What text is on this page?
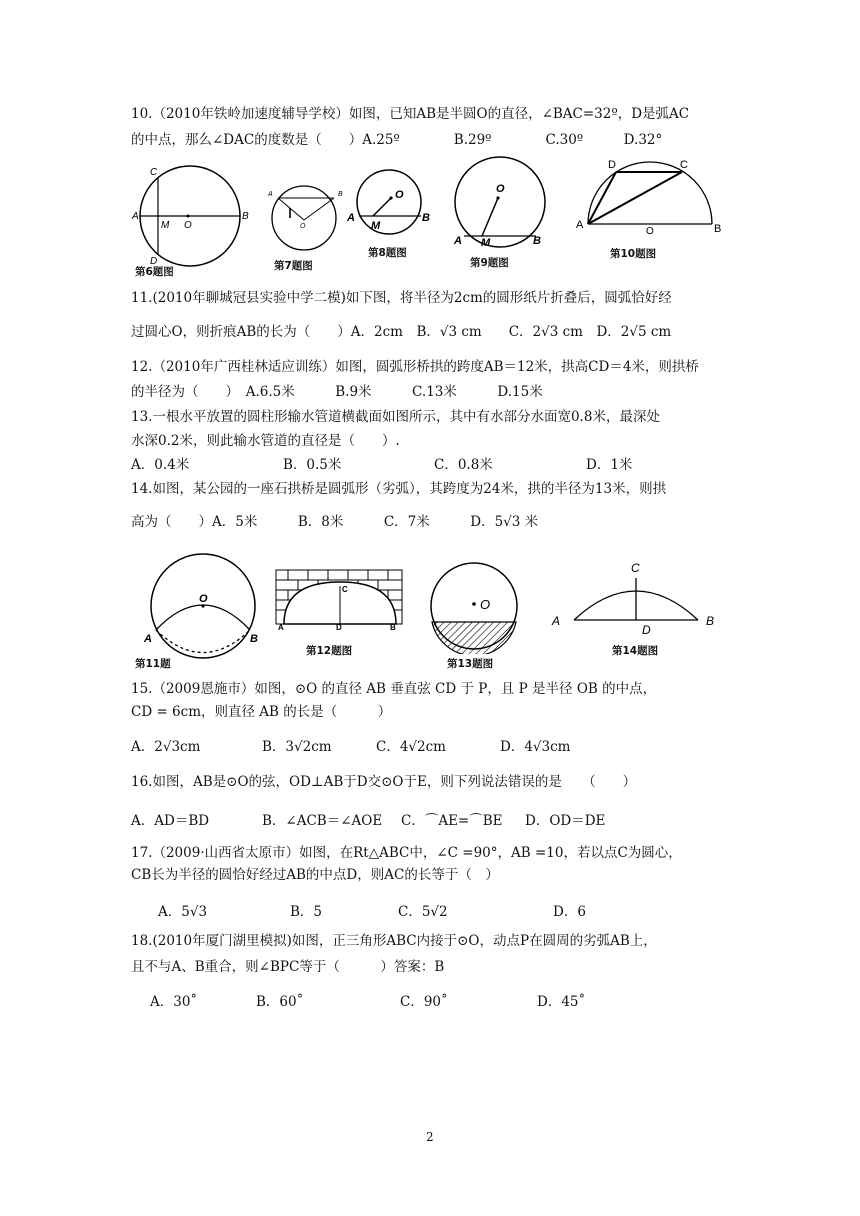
10.（2010年铁岭加速度辅导学校）如图，已知AB是半圆O的直径，∠BAC=32º，D是弧AC
的中点，那么∠DAC的度数是（　　）A.25º　　　　B.29º　　　　C.30º　　　D.32°
C
A
M O
B
D
第6题图
A	B
O
第7题图
O
A
M
B
第8题图
O
A M	B
第9题图
D	C
A
O	B
第10题图
11.(2010年聊城冠县实验中学二模)如下图，将半径为2cm的圆形纸片折叠后，圆弧恰好经
过圆心O，则折痕AB的长为（　　）A．2cm　B．√3 cm　　C．2√3 cm　D．2√5 cm
12.（2010年广西桂林适应训练）如图，圆弧形桥拱的跨度AB＝12米，拱高CD＝4米，则拱桥
的半径为（　　）　A.6.5米　　　B.9米　　　C.13米　　　D.15米
13.一根水平放置的圆柱形输水管道横截面如图所示，其中有水部分水面宽0.8米，最深处
水深0.2米，则此输水管道的直径是（　　）.
A．0.4米	B．0.5米	C．0.8米	D．1米
14.如图，某公园的一座石拱桥是圆弧形（劣弧），其跨度为24米，拱的半径为13米，则拱
高为（　　）A．5米　　　B．8米　　　C．7米　　　D．5√3 米
O
A	B
第11题
C
A	D	B
第12题图
O
第13题图
C
A
D
B
第14题图
15.（2009恩施市）如图，⊙O 的直径 AB 垂直弦 CD 于 P，且 P 是半径 OB 的中点，
CD = 6cm，则直径 AB 的长是（　　　）
A．2√3cm	B．3√2cm	C．4√2cm	D．4√3cm
16.如图，AB是⊙O的弦，OD⊥AB于D交⊙O于E，则下列说法错误的是　　（　　）
A．AD＝BD	B．∠ACB＝∠AOE C．⌒AE=⌒BE D．OD＝DE
17.（2009·山西省太原市）如图，在Rt△ABC中，∠C =90°，AB =10，若以点C为圆心，
CB长为半径的圆恰好经过AB的中点D，则AC的长等于（　）
A．5√3	B．5	C．5√2	D．6
18.(2010年厦门湖里模拟)如图，正三角形ABC内接于⊙O，动点P在圆周的劣弧AB上，
且不与A、B重合，则∠BPC等于（　　　）答案：B
A．30˚	B．60˚	C．90˚	D．45˚
2
